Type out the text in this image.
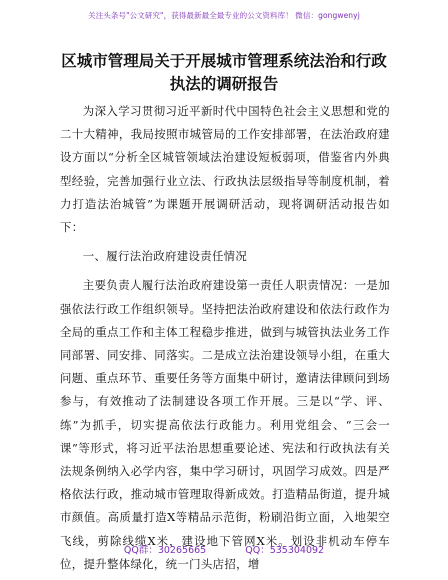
关注头条号"公文研究"，获得最新最全最专业的公文资料库！ 微信：gongwenyj
区城市管理局关于开展城市管理系统法治和行政执法的调研报告

为深入学习贯彻习近平新时代中国特色社会主义思想和党的二十大精神，我局按照市城管局的工作安排部署，在法治政府建设方面以“分析全区城管领域法治建设短板弱项，借鉴省内外典型经验，完善加强行业立法、行政执法层级指导等制度机制，着力打造法治城管”为课题开展调研活动，现将调研活动报告如下：

一、履行法治政府建设责任情况

主要负责人履行法治政府建设第一责任人职责情况：一是加强依法行政工作组织领导。坚持把法治政府建设和依法行政作为全局的重点工作和主体工程稳步推进，做到与城管执法业务工作同部署、同安排、同落实。二是成立法治建设领导小组，在重大问题、重点环节、重要任务等方面集中研讨，邀请法律顾问到场参与，有效推动了法制建设各项工作开展。三是以“学、评、练”为抓手，切实提高依法行政能力。利用党组会、“三会一课”等形式，将习近平法治思想重要论述、宪法和行政执法有关法规条例纳入必学内容，集中学习研讨，巩固学习成效。四是严格依法行政，推动城市管理取得新成效。打造精品街道，提升城市颜值。高质量打造X等精品示范街，粉刷沿街立面，入地架空飞线，剪除线缆X米，建设地下管网X米。划设非机动车停车位，提升整体绿化，统一门头店招，增

QQ群：30265665	QQ：535304092
